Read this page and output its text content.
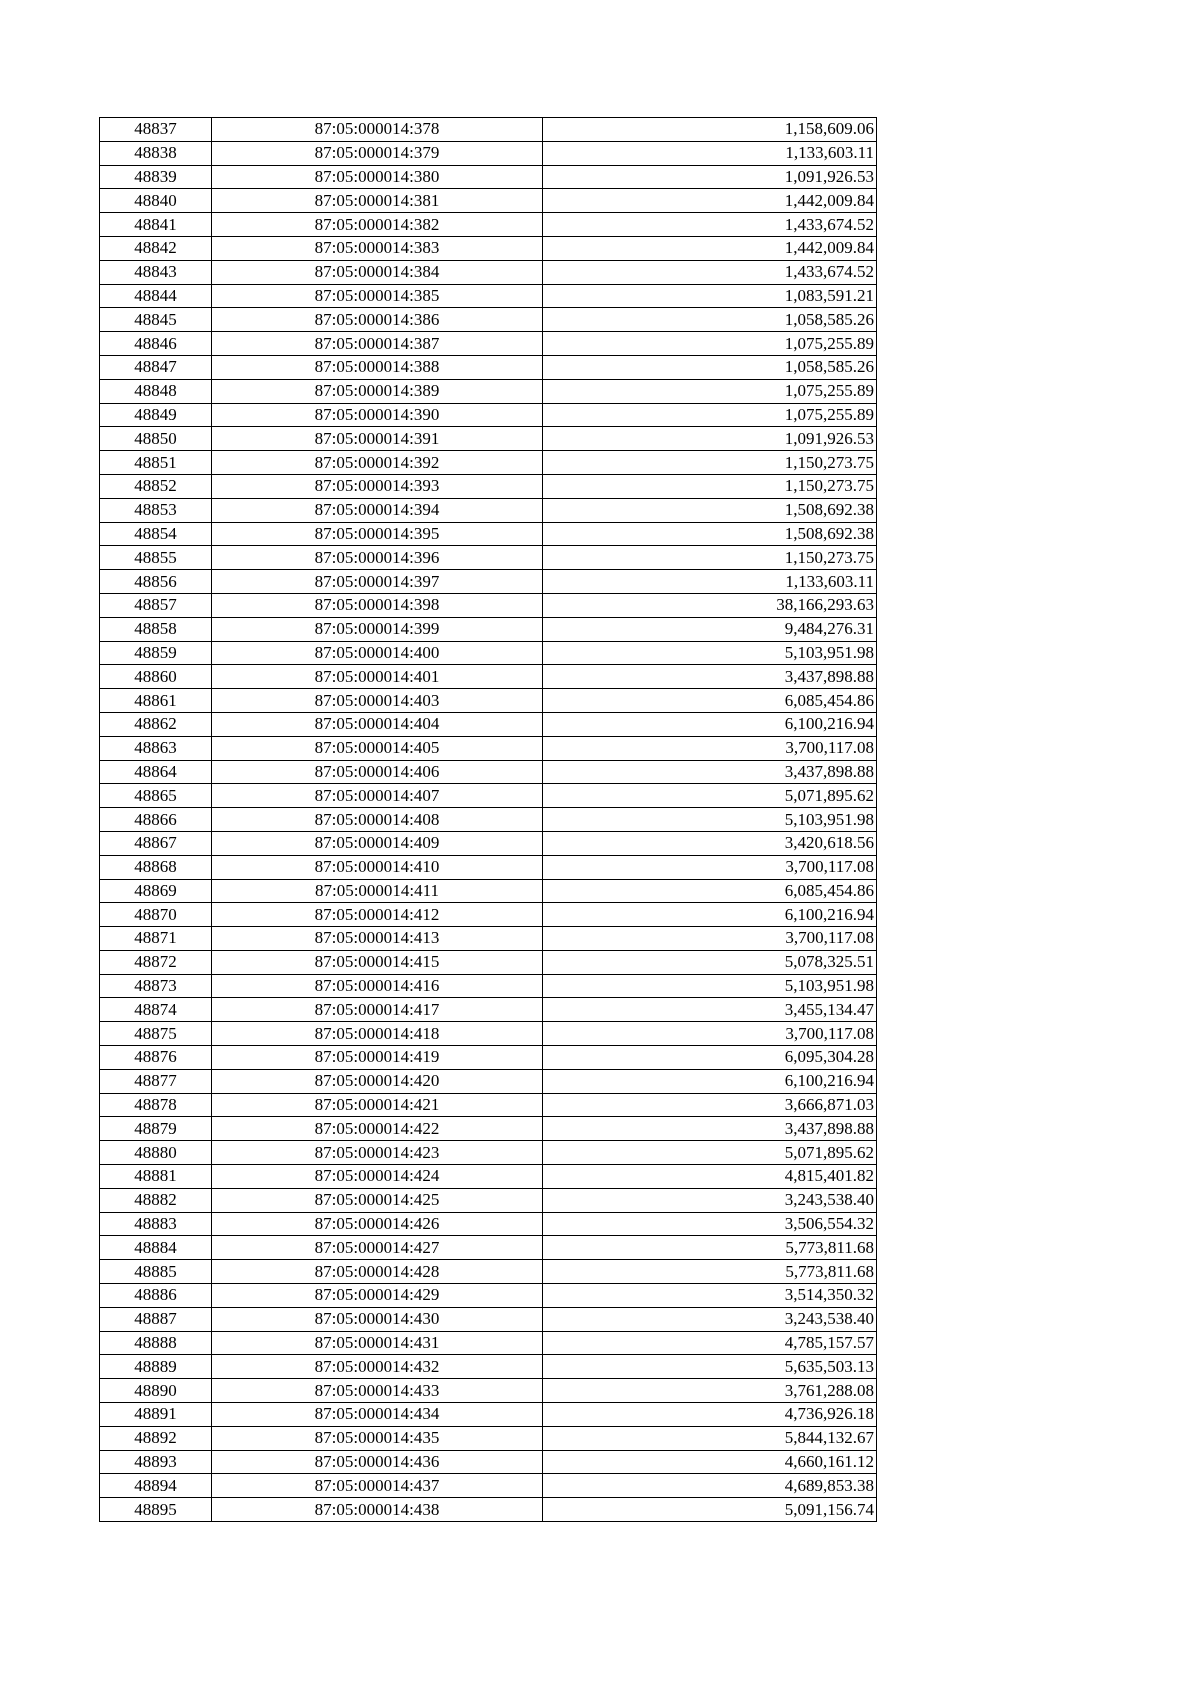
48837	87:05:000014:378	1,158,609.06
48838	87:05:000014:379	1,133,603.11
48839	87:05:000014:380	1,091,926.53
48840	87:05:000014:381	1,442,009.84
48841	87:05:000014:382	1,433,674.52
48842	87:05:000014:383	1,442,009.84
48843	87:05:000014:384	1,433,674.52
48844	87:05:000014:385	1,083,591.21
48845	87:05:000014:386	1,058,585.26
48846	87:05:000014:387	1,075,255.89
48847	87:05:000014:388	1,058,585.26
48848	87:05:000014:389	1,075,255.89
48849	87:05:000014:390	1,075,255.89
48850	87:05:000014:391	1,091,926.53
48851	87:05:000014:392	1,150,273.75
48852	87:05:000014:393	1,150,273.75
48853	87:05:000014:394	1,508,692.38
48854	87:05:000014:395	1,508,692.38
48855	87:05:000014:396	1,150,273.75
48856	87:05:000014:397	1,133,603.11
48857	87:05:000014:398	38,166,293.63
48858	87:05:000014:399	9,484,276.31
48859	87:05:000014:400	5,103,951.98
48860	87:05:000014:401	3,437,898.88
48861	87:05:000014:403	6,085,454.86
48862	87:05:000014:404	6,100,216.94
48863	87:05:000014:405	3,700,117.08
48864	87:05:000014:406	3,437,898.88
48865	87:05:000014:407	5,071,895.62
48866	87:05:000014:408	5,103,951.98
48867	87:05:000014:409	3,420,618.56
48868	87:05:000014:410	3,700,117.08
48869	87:05:000014:411	6,085,454.86
48870	87:05:000014:412	6,100,216.94
48871	87:05:000014:413	3,700,117.08
48872	87:05:000014:415	5,078,325.51
48873	87:05:000014:416	5,103,951.98
48874	87:05:000014:417	3,455,134.47
48875	87:05:000014:418	3,700,117.08
48876	87:05:000014:419	6,095,304.28
48877	87:05:000014:420	6,100,216.94
48878	87:05:000014:421	3,666,871.03
48879	87:05:000014:422	3,437,898.88
48880	87:05:000014:423	5,071,895.62
48881	87:05:000014:424	4,815,401.82
48882	87:05:000014:425	3,243,538.40
48883	87:05:000014:426	3,506,554.32
48884	87:05:000014:427	5,773,811.68
48885	87:05:000014:428	5,773,811.68
48886	87:05:000014:429	3,514,350.32
48887	87:05:000014:430	3,243,538.40
48888	87:05:000014:431	4,785,157.57
48889	87:05:000014:432	5,635,503.13
48890	87:05:000014:433	3,761,288.08
48891	87:05:000014:434	4,736,926.18
48892	87:05:000014:435	5,844,132.67
48893	87:05:000014:436	4,660,161.12
48894	87:05:000014:437	4,689,853.38
48895	87:05:000014:438	5,091,156.74
